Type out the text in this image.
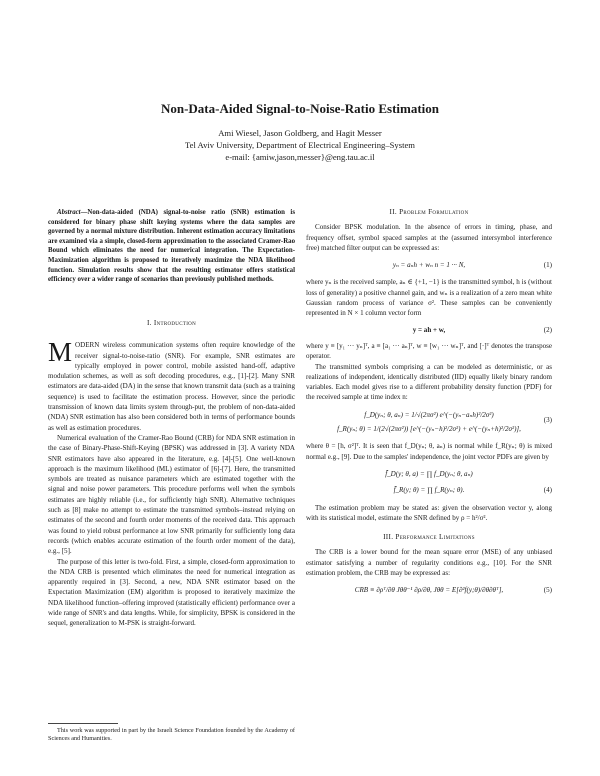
Non-Data-Aided Signal-to-Noise-Ratio Estimation
Ami Wiesel, Jason Goldberg, and Hagit Messer
Tel Aviv University, Department of Electrical Engineering–System
e-mail: {amiw,jason,messer}@eng.tau.ac.il

Abstract—Non-data-aided (NDA) signal-to-noise ratio (SNR) estimation is considered for binary phase shift keying systems where the data samples are governed by a normal mixture distribution. Inherent estimation accuracy limitations are examined via a simple, closed-form approximation to the associated Cramer-Rao Bound which eliminates the need for numerical integration. The Expectation-Maximization algorithm is proposed to iteratively maximize the NDA likelihood function. Simulation results show that the resulting estimator offers statistical efficiency over a wider range of scenarios than previously published methods.

I. Introduction

MODERN wireless communication systems often require knowledge of the receiver signal-to-noise-ratio (SNR). For example, SNR estimates are typically employed in power control, mobile assisted hand-off, adaptive modulation schemes, as well as soft decoding procedures, e.g., [1]-[2]. Many SNR estimators are data-aided (DA) in the sense that known transmit data (such as a training sequence) is used to facilitate the estimation process. However, since the periodic transmission of known data limits system through-put, the problem of non-data-aided (NDA) SNR estimation has also been considered both in terms of performance bounds as well as estimation procedures.

Numerical evaluation of the Cramer-Rao Bound (CRB) for NDA SNR estimation in the case of Binary-Phase-Shift-Keying (BPSK) was addressed in [3]. A variety NDA SNR estimators have also appeared in the literature, e.g. [4]-[5]. One well-known approach is the maximum likelihood (ML) estimator of [6]-[7]. Here, the transmitted symbols are treated as nuisance parameters which are estimated together with the signal and noise power parameters. This procedure performs well when the symbols estimates are highly reliable (i.e., for sufficiently high SNR). Alternative techniques such as [8] make no attempt to estimate the transmitted symbols–instead relying on estimates of the second and fourth order moments of the received data. This approach was found to yield robust performance at low SNR primarily for sufficiently long data records (which enables accurate estimation of the fourth order moment of the data), e.g., [5].

The purpose of this letter is two-fold. First, a simple, closed-form approximation to the NDA CRB is presented which eliminates the need for numerical integration as apparently required in [3]. Second, a new, NDA SNR estimator based on the Expectation Maximization (EM) algorithm is proposed to iteratively maximize the NDA likelihood function–offering improved (statistically efficient) performance over a wide range of SNR's and data lengths. While, for simplicity, BPSK is considered in the sequel, generalization to M-PSK is straight-forward.

This work was supported in part by the Israeli Science Foundation founded by the Academy of Sciences and Humanities.

II. Problem Formulation

Consider BPSK modulation. In the absence of errors in timing, phase, and frequency offset, symbol spaced samples at the (assumed intersymbol interference free) matched filter output can be expressed as:

yₙ = aₙh + wₙ n = 1 ··· N,	(1)

where yₙ is the received sample, aₙ ∈ {+1, −1} is the transmitted symbol, h is (without loss of generality) a positive channel gain, and wₙ is a realization of a zero mean white Gaussian random process of variance σ². These samples can be conveniently represented in N × 1 column vector form

y = ah + w,	(2)

where y ≡ [y₁ ··· yₙ]ᵀ, a ≡ [a₁ ··· aₙ]ᵀ, w ≡ [w₁ ··· wₙ]ᵀ, and [·]ᵀ denotes the transpose operator.

The transmitted symbols comprising a can be modeled as deterministic, or as realizations of independent, identically distributed (IID) equally likely binary random variables. Each model gives rise to a different probability density function (PDF) for the received sample at time index n:

f_D(yₙ; θ, aₙ) = 1/√(2πσ²) e^(−(yₙ−aₙh)²/2σ²)
f_R(yₙ; θ) = 1/(2√(2πσ²)) [e^(−(yₙ−h)²/2σ²) + e^(−(yₙ+h)²/2σ²)],
(3)

where θ = [h, σ²]ᵀ. It is seen that f_D(yₙ; θ, aₙ) is normal while f_R(yₙ; θ) is mixed normal e.g., [9]. Due to the samples' independence, the joint vector PDFs are given by

f̄_D(y; θ, a) = ∏ f_D(yₙ; θ, aₙ)
f̄_R(y; θ) = ∏ f_R(yₙ; θ).	(4)

The estimation problem may be stated as: given the observation vector y, along with its statistical model, estimate the SNR defined by ρ = h²/σ².

III. Performance Limitations

The CRB is a lower bound for the mean square error (MSE) of any unbiased estimator satisfying a number of regularity conditions e.g., [10]. For the SNR estimation problem, the CRB may be expressed as:

CRB ≡ ∂ρᵀ/∂θ Jθθ⁻¹ ∂ρ/∂θ, Jθθ = E[∂²f(y;θ)/∂θ∂θᵀ],	(5)
